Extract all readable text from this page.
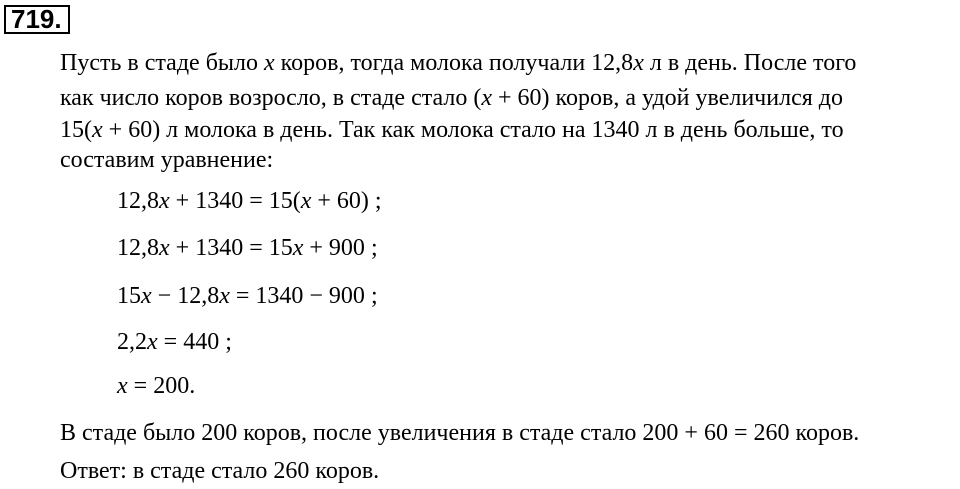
719.
Пусть в стаде было x коров, тогда молока получали 12,8x л в день. После того
как число коров возросло, в стаде стало (x + 60) коров, а удой увеличился до
15(x + 60) л молока в день. Так как молока стало на 1340 л в день больше, то
составим уравнение:
12,8x + 1340 = 15(x + 60) ;
12,8x + 1340 = 15x + 900 ;
15x − 12,8x = 1340 − 900 ;
2,2x = 440 ;
x = 200.
В стаде было 200 коров, после увеличения в стаде стало 200 + 60 = 260 коров.
Ответ: в стаде стало 260 коров.
